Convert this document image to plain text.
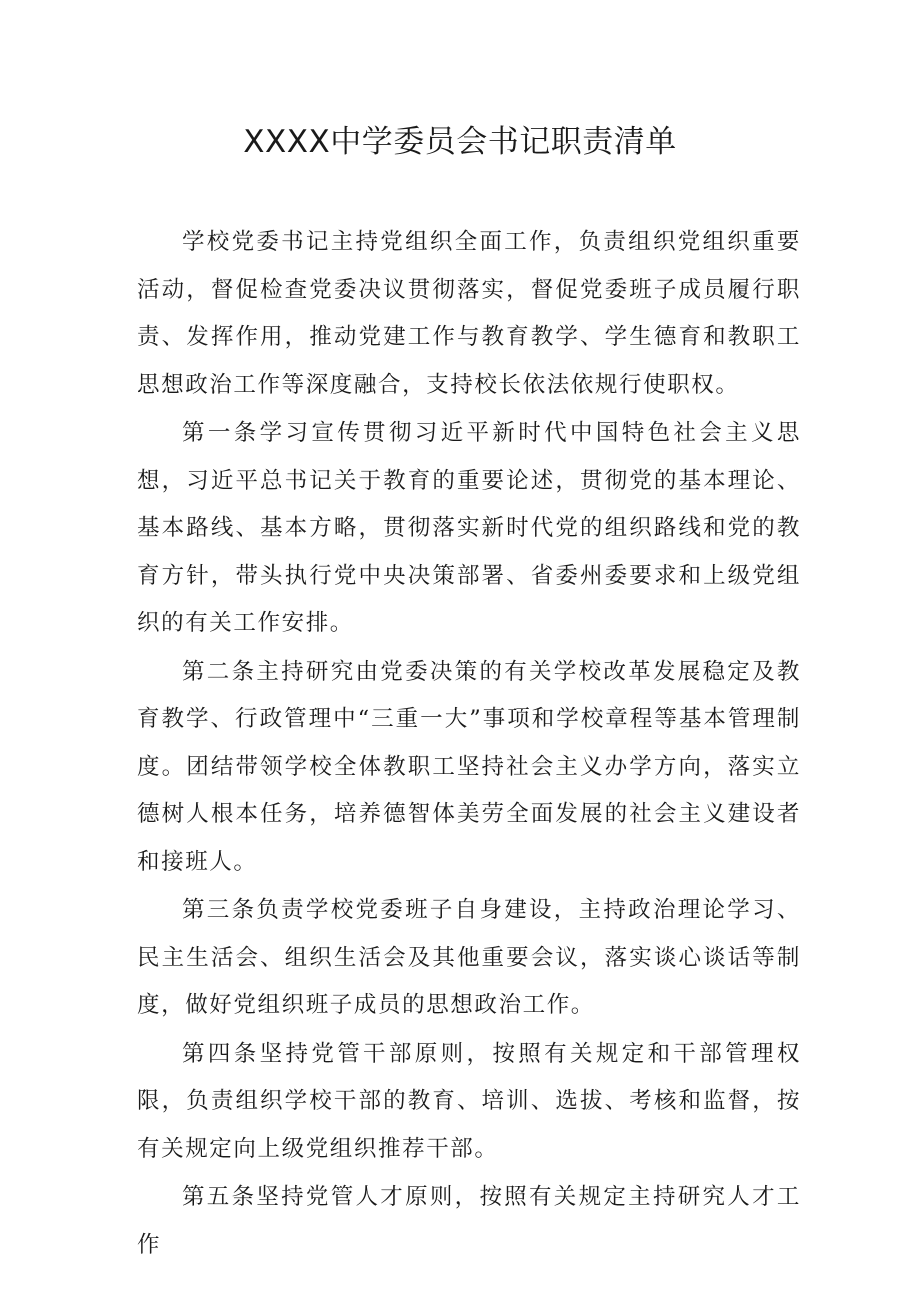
XXXX中学委员会书记职责清单

学校党委书记主持党组织全面工作，负责组织党组织重要活动，督促检查党委决议贯彻落实，督促党委班子成员履行职责、发挥作用，推动党建工作与教育教学、学生德育和教职工思想政治工作等深度融合，支持校长依法依规行使职权。

第一条学习宣传贯彻习近平新时代中国特色社会主义思想，习近平总书记关于教育的重要论述，贯彻党的基本理论、基本路线、基本方略，贯彻落实新时代党的组织路线和党的教育方针，带头执行党中央决策部署、省委州委要求和上级党组织的有关工作安排。

第二条主持研究由党委决策的有关学校改革发展稳定及教育教学、行政管理中“三重一大”事项和学校章程等基本管理制度。团结带领学校全体教职工坚持社会主义办学方向，落实立德树人根本任务，培养德智体美劳全面发展的社会主义建设者和接班人。

第三条负责学校党委班子自身建设，主持政治理论学习、民主生活会、组织生活会及其他重要会议，落实谈心谈话等制度，做好党组织班子成员的思想政治工作。

第四条坚持党管干部原则，按照有关规定和干部管理权限，负责组织学校干部的教育、培训、选拔、考核和监督，按有关规定向上级党组织推荐干部。

第五条坚持党管人才原则，按照有关规定主持研究人才工作
